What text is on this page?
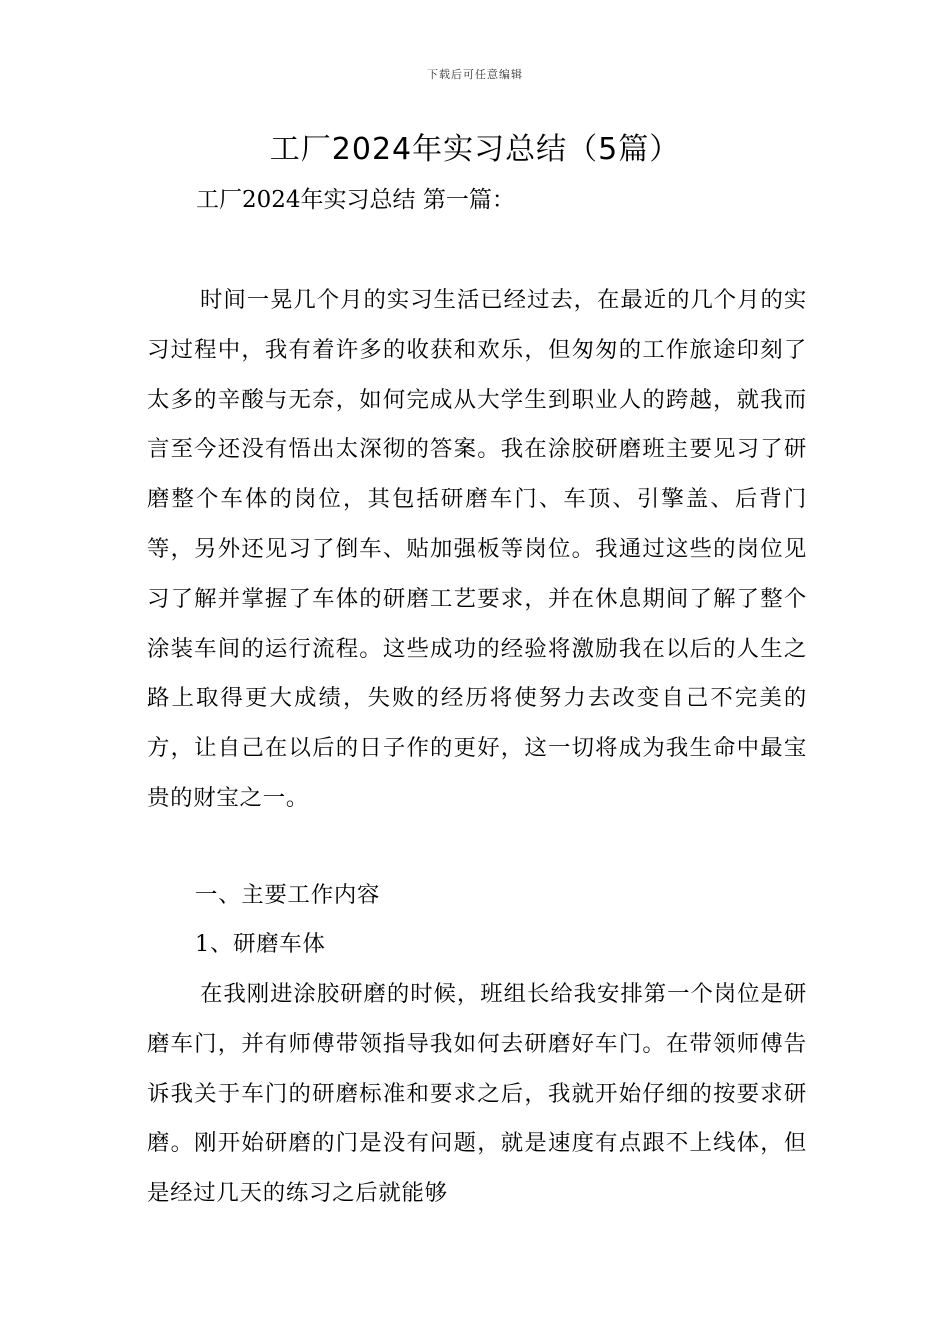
下载后可任意编辑
工厂2024年实习总结（5篇）
工厂2024年实习总结 第一篇：
时间一晃几个月的实习生活已经过去，在最近的几个月的实习过程中，我有着许多的收获和欢乐，但匆匆的工作旅途印刻了太多的辛酸与无奈，如何完成从大学生到职业人的跨越，就我而言至今还没有悟出太深彻的答案。我在涂胶研磨班主要见习了研磨整个车体的岗位，其包括研磨车门、车顶、引擎盖、后背门等，另外还见习了倒车、贴加强板等岗位。我通过这些的岗位见习了解并掌握了车体的研磨工艺要求，并在休息期间了解了整个涂装车间的运行流程。这些成功的经验将激励我在以后的人生之路上取得更大成绩，失败的经历将使努力去改变自己不完美的方，让自己在以后的日子作的更好，这一切将成为我生命中最宝贵的财宝之一。
一、主要工作内容
1、研磨车体
在我刚进涂胶研磨的时候，班组长给我安排第一个岗位是研磨车门，并有师傅带领指导我如何去研磨好车门。在带领师傅告诉我关于车门的研磨标准和要求之后，我就开始仔细的按要求研磨。刚开始研磨的门是没有问题，就是速度有点跟不上线体，但是经过几天的练习之后就能够
